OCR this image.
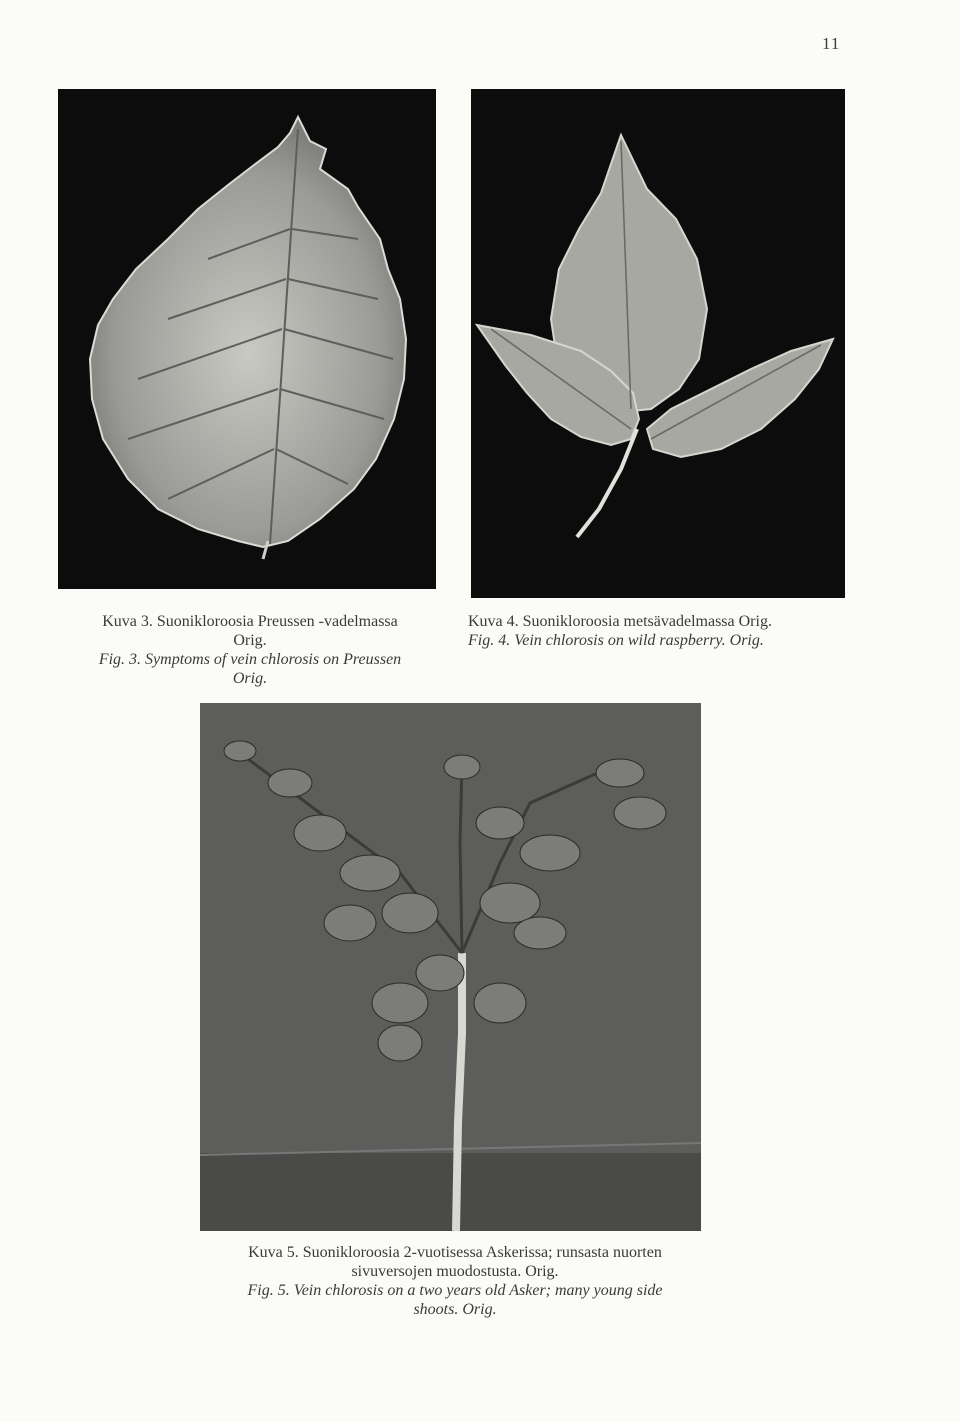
11
Kuva 3. Suonikloroosia Preussen -vadelmassa
Orig.
Fig. 3. Symptoms of vein chlorosis on Preussen
Orig.
Kuva 4. Suonikloroosia metsävadelmassa Orig.
Fig. 4. Vein chlorosis on wild raspberry. Orig.
Kuva 5. Suonikloroosia 2-vuotisessa Askerissa; runsasta nuorten
sivuversojen muodostusta. Orig.
Fig. 5. Vein chlorosis on a two years old Asker; many young side
shoots. Orig.
